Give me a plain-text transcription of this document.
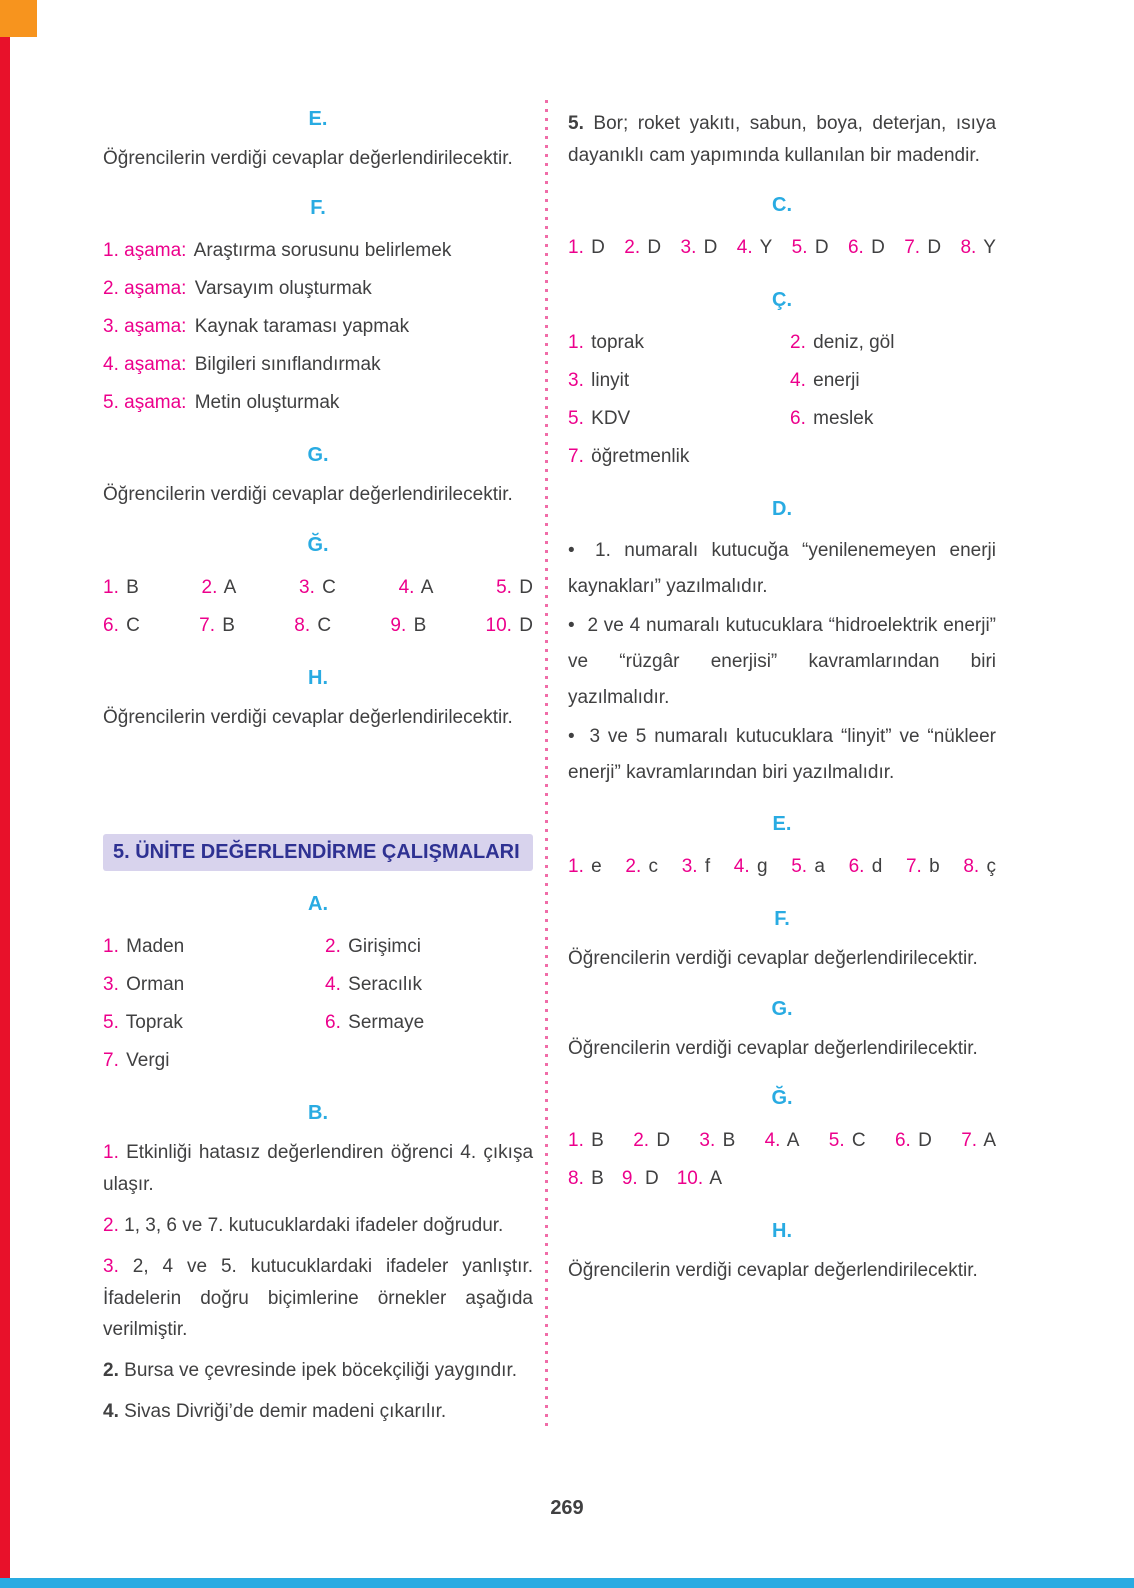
E.

Öğrencilerin verdiği cevaplar değerlendirilecektir.

F.
1. aşama: Araştırma sorusunu belirlemek
2. aşama: Varsayım oluşturmak
3. aşama: Kaynak taraması yapmak
4. aşama: Bilgileri sınıflandırmak
5. aşama: Metin oluşturmak
G.

Öğrencilerin verdiği cevaplar değerlendirilecektir.

Ğ.
1. B	2. A	3. C	4. A	5. D
6. C	7. B	8. C	9. B	10. D
H.

Öğrencilerin verdiği cevaplar değerlendirilecektir.

5. ÜNİTE DEĞERLENDİRME ÇALIŞMALARI
A.
1. Maden	2. Girişimci
3. Orman	4. Seracılık
5. Toprak	6. Sermaye
7. Vergi
B.

1. Etkinliği hatasız değerlendiren öğrenci 4. çıkışa ulaşır.

2. 1, 3, 6 ve 7. kutucuklardaki ifadeler doğrudur.

3. 2, 4 ve 5. kutucuklardaki ifadeler yanlıştır. İfadelerin doğru biçimlerine örnekler aşağıda verilmiştir.

2. Bursa ve çevresinde ipek böcekçiliği yaygındır.

4. Sivas Divriği’de demir madeni çıkarılır.

5. Bor; roket yakıtı, sabun, boya, deterjan, ısıya dayanıklı cam yapımında kullanılan bir madendir.

C.
1. D 2. D 3. D 4. Y 5. D 6. D 7. D 8. Y
Ç.
1. toprak	2. deniz, göl
3. linyit	4. enerji
5. KDV	6. meslek
7. öğretmenlik
D.

• 1. numaralı kutucuğa “yenilenemeyen enerji kaynakları” yazılmalıdır.

• 2 ve 4 numaralı kutucuklara “hidroelektrik enerji” ve “rüzgâr enerjisi” kavramlarından biri yazılmalıdır.

• 3 ve 5 numaralı kutucuklara “linyit” ve “nükleer enerji” kavramlarından biri yazılmalıdır.

E.
1. e 2. c 3. f 4. g 5. a 6. d 7. b 8. ç
F.

Öğrencilerin verdiği cevaplar değerlendirilecektir.

G.

Öğrencilerin verdiği cevaplar değerlendirilecektir.

Ğ.
1. B 2. D 3. B 4. A 5. C 6. D 7. A
8. B 9. D 10. A
H.

Öğrencilerin verdiği cevaplar değerlendirilecektir.

269
